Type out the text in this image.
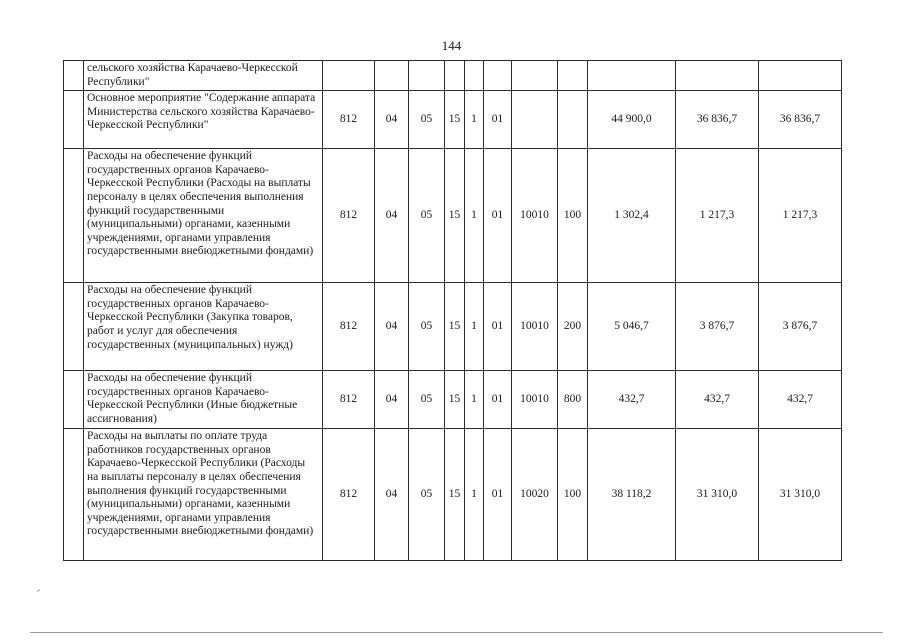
144
	сельского хозяйства Карачаево-Черкесской Республики"											
	Основное мероприятие "Содержание аппарата Министерства сельского хозяйства Карачаево-Черкесской Республики"	812	04	05	15	1	01			44 900,0	36 836,7	36 836,7
	Расходы на обеспечение функций государственных органов Карачаево-Черкесской Республики (Расходы на выплаты персоналу в целях обеспечения выполнения функций государственными (муниципальными) органами, казенными учреждениями, органами управления государственными внебюджетными фондами)	812	04	05	15	1	01	10010	100	1 302,4	1 217,3	1 217,3
	Расходы на обеспечение функций государственных органов Карачаево-Черкесской Республики (Закупка товаров, работ и услуг для обеспечения государственных (муниципальных) нужд)	812	04	05	15	1	01	10010	200	5 046,7	3 876,7	3 876,7
	Расходы на обеспечение функций государственных органов Карачаево-Черкесской Республики (Иные бюджетные ассигнования)	812	04	05	15	1	01	10010	800	432,7	432,7	432,7
	Расходы на выплаты по оплате труда работников государственных органов Карачаево-Черкесской Республики (Расходы на выплаты персоналу в целях обеспечения выполнения функций государственными (муниципальными) органами, казенными учреждениями, органами управления государственными внебюджетными фондами)	812	04	05	15	1	01	10020	100	38 118,2	31 310,0	31 310,0
